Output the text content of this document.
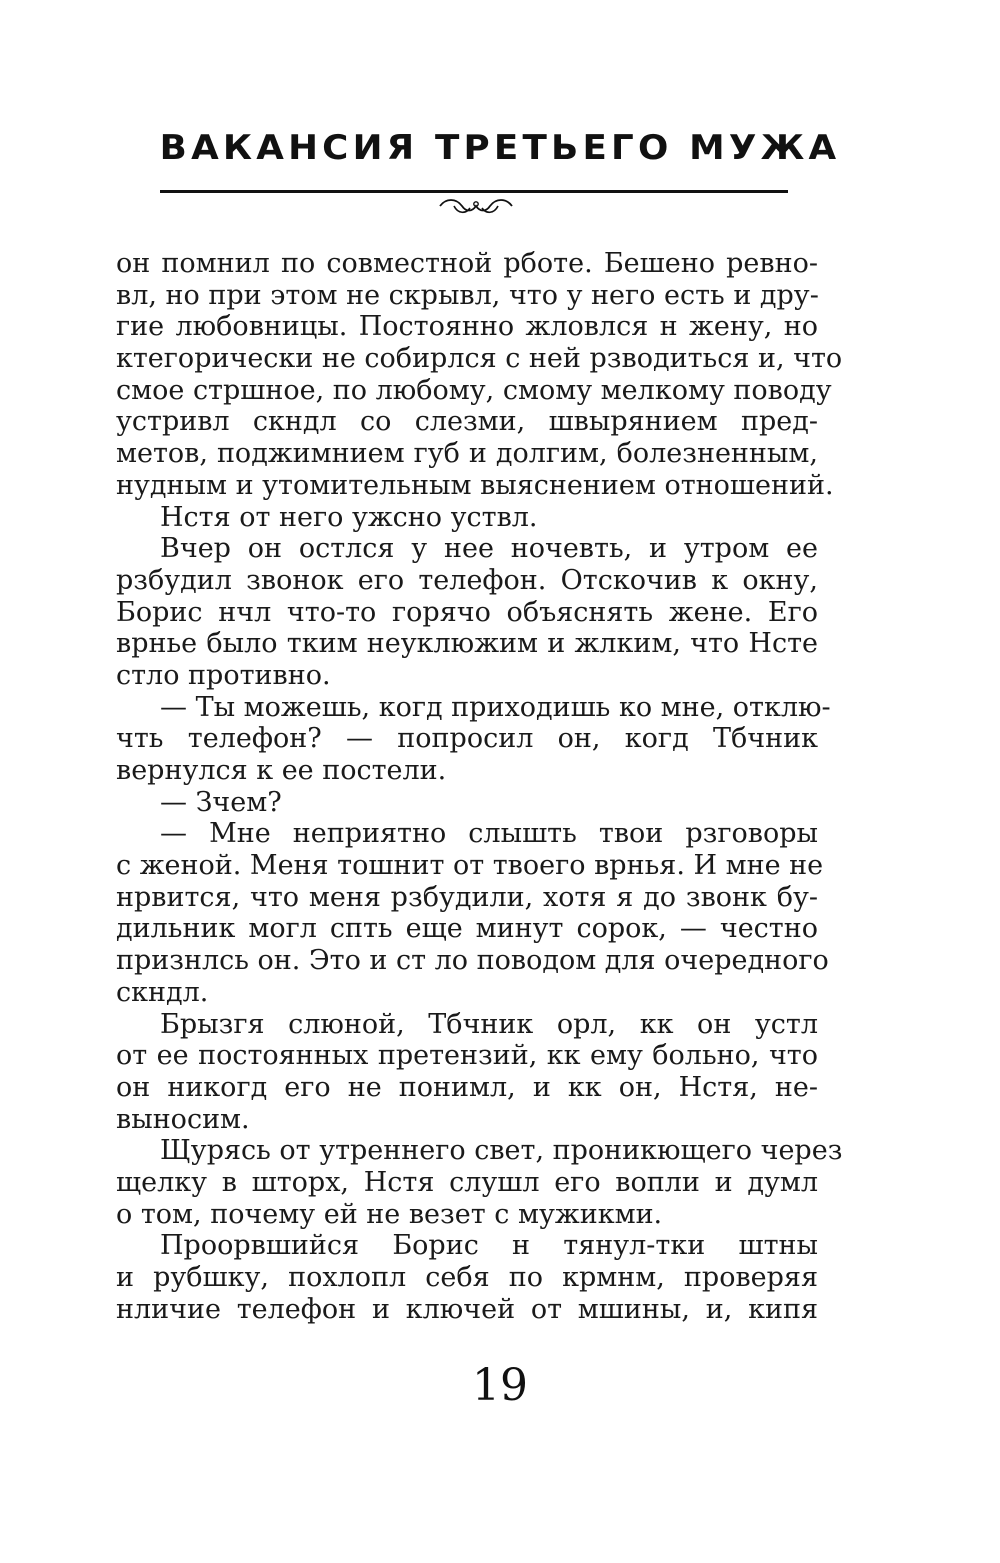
ВАКАНСИЯ ТРЕТЬЕГО МУЖА
он помнил по совместной рботе. Бешено ревно-
вл, но при этом не скрывл, что у него есть и дру-
гие любовницы. Постоянно жловлся н жену, но
ктегорически не собирлся с ней рзводиться и, что
смое стршное, по любому, смому мелкому поводу
устривл скндл со слезми, швырянием пред-
метов, поджимнием губ и долгим, болезненным,
нудным и утомительным выяснением отношений.
Нстя от него ужсно уствл.
Вчер он остлся у нее ночевть, и утром ее
рзбудил звонок его телефон. Отскочив к окну,
Борис нчл что-то горячо объяснять жене. Его
врнье было тким неуклюжим и жлким, что Нсте
стло противно.
— Ты можешь, когд приходишь ко мне, отклю-
чть телефон? — попросил он, когд Тбчник
вернулся к ее постели.
— Зчем?
— Мне неприятно слышть твои рзговоры
с женой. Меня тошнит от твоего врнья. И мне не
нрвится, что меня рзбудили, хотя я до звонк бу-
дильник могл спть еще минут сорок, — честно
признлсь он. Это и ст ло поводом для очередного
скндл.
Брызгя слюной, Тбчник орл, кк он устл
от ее постоянных претензий, кк ему больно, что
он никогд его не понимл, и кк он, Нстя, не-
выносим.
Щурясь от утреннего свет, проникющего через
щелку в шторх, Нстя слушл его вопли и думл
о том, почему ей не везет с мужикми.
Проорвшийся Борис н тянул-тки штны
и рубшку, похлопл себя по крмнм, проверяя
нличие телефон и ключей от мшины, и, кипя
19
